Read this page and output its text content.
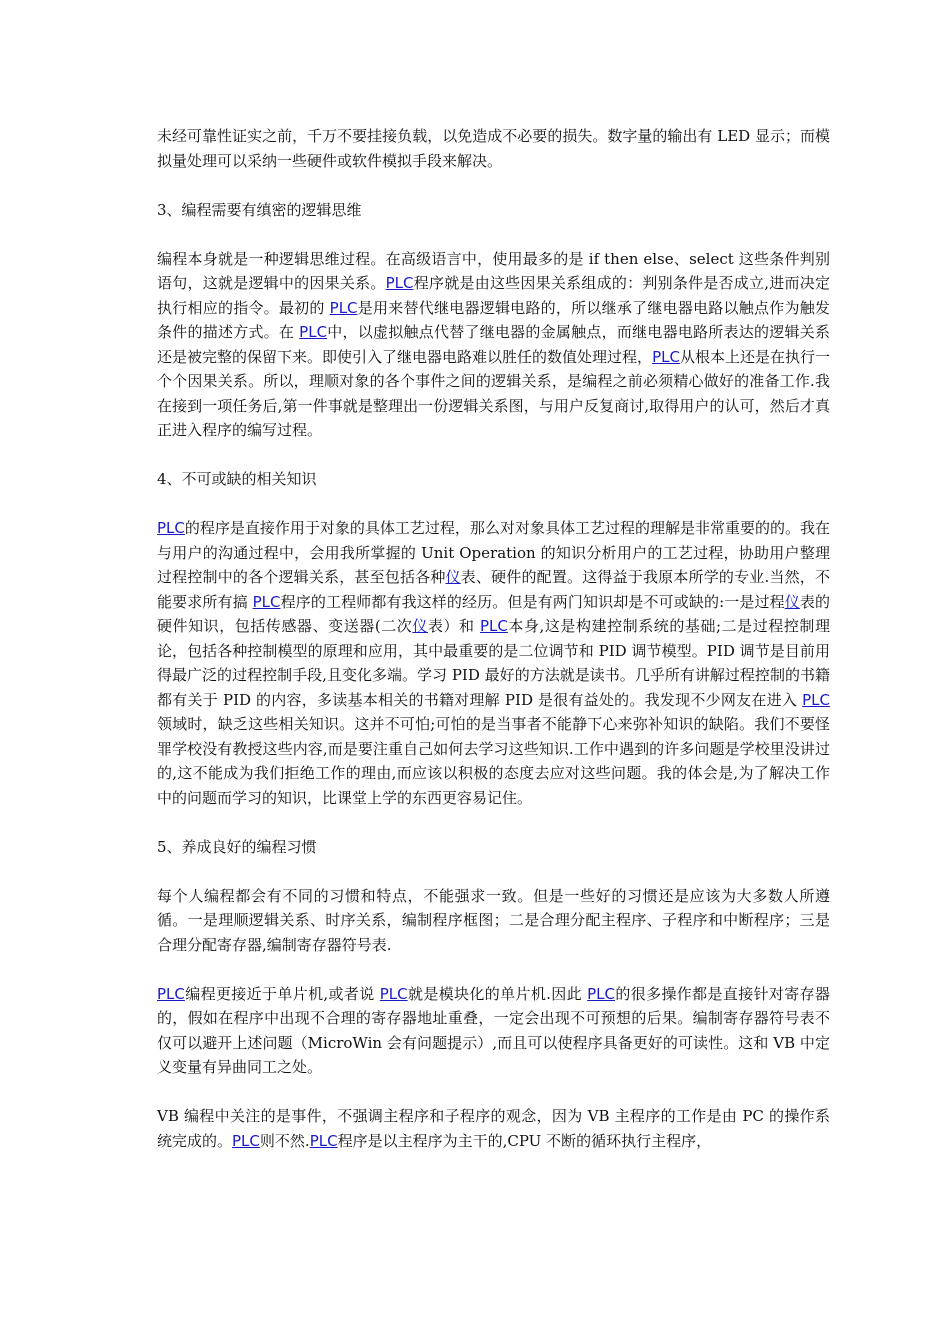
未经可靠性证实之前，千万不要挂接负载，以免造成不必要的损失。数字量的输出有 LED 显示；而模拟量处理可以采纳一些硬件或软件模拟手段来解决。

3、编程需要有缜密的逻辑思维

编程本身就是一种逻辑思维过程。在高级语言中，使用最多的是 if then else、select 这些条件判别语句，这就是逻辑中的因果关系。PLC程序就是由这些因果关系组成的：判别条件是否成立,进而决定执行相应的指令。最初的 PLC是用来替代继电器逻辑电路的，所以继承了继电器电路以触点作为触发条件的描述方式。在 PLC中，以虚拟触点代替了继电器的金属触点，而继电器电路所表达的逻辑关系还是被完整的保留下来。即使引入了继电器电路难以胜任的数值处理过程，PLC从根本上还是在执行一个个因果关系。所以，理顺对象的各个事件之间的逻辑关系，是编程之前必须精心做好的准备工作.我在接到一项任务后,第一件事就是整理出一份逻辑关系图，与用户反复商讨,取得用户的认可，然后才真正进入程序的编写过程。

4、不可或缺的相关知识

PLC的程序是直接作用于对象的具体工艺过程，那么对对象具体工艺过程的理解是非常重要的的。我在与用户的沟通过程中，会用我所掌握的 Unit Operation 的知识分析用户的工艺过程，协助用户整理过程控制中的各个逻辑关系，甚至包括各种仪表、硬件的配置。这得益于我原本所学的专业.当然，不能要求所有搞 PLC程序的工程师都有我这样的经历。但是有两门知识却是不可或缺的:一是过程仪表的硬件知识，包括传感器、变送器(二次仪表）和 PLC本身,这是构建控制系统的基础;二是过程控制理论，包括各种控制模型的原理和应用，其中最重要的是二位调节和 PID 调节模型。PID 调节是目前用得最广泛的过程控制手段,且变化多端。学习 PID 最好的方法就是读书。几乎所有讲解过程控制的书籍都有关于 PID 的内容，多读基本相关的书籍对理解 PID 是很有益处的。我发现不少网友在进入 PLC领域时，缺乏这些相关知识。这并不可怕;可怕的是当事者不能静下心来弥补知识的缺陷。我们不要怪罪学校没有教授这些内容,而是要注重自己如何去学习这些知识.工作中遇到的许多问题是学校里没讲过的,这不能成为我们拒绝工作的理由,而应该以积极的态度去应对这些问题。我的体会是,为了解决工作中的问题而学习的知识，比课堂上学的东西更容易记住。

5、养成良好的编程习惯

每个人编程都会有不同的习惯和特点，不能强求一致。但是一些好的习惯还是应该为大多数人所遵循。一是理顺逻辑关系、时序关系，编制程序框图；二是合理分配主程序、子程序和中断程序；三是合理分配寄存器,编制寄存器符号表.

PLC编程更接近于单片机,或者说 PLC就是模块化的单片机.因此 PLC的很多操作都是直接针对寄存器的，假如在程序中出现不合理的寄存器地址重叠，一定会出现不可预想的后果。编制寄存器符号表不仅可以避开上述问题（MicroWin 会有问题提示）,而且可以使程序具备更好的可读性。这和 VB 中定义变量有异曲同工之处。

VB 编程中关注的是事件，不强调主程序和子程序的观念，因为 VB 主程序的工作是由 PC 的操作系统完成的。PLC则不然.PLC程序是以主程序为主干的,CPU 不断的循环执行主程序，
